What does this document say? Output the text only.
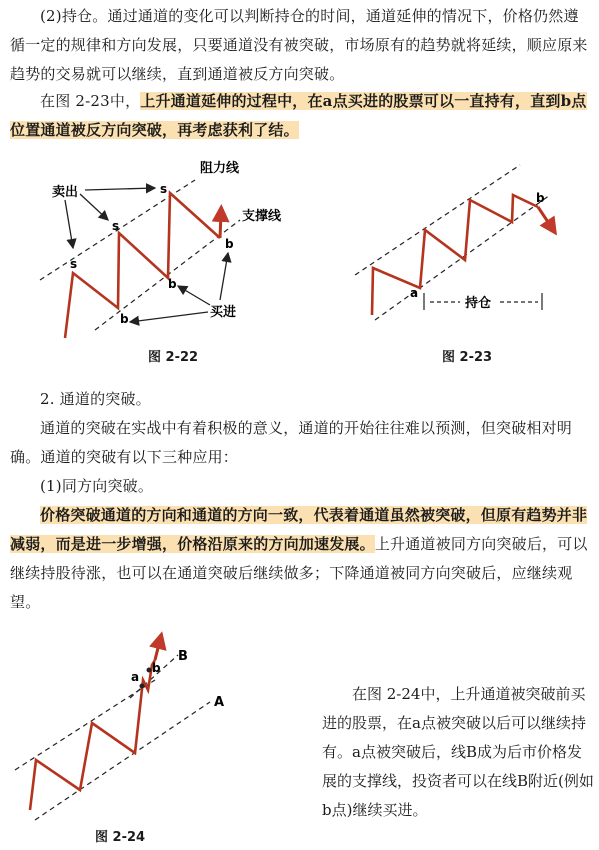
(2)持仓。通过通道的变化可以判断持仓的时间，通道延伸的情况下，价格仍然遵循一定的规律和方向发展，只要通道没有被突破，市场原有的趋势就将延续，顺应原来趋势的交易就可以继续，直到通道被反方向突破。

在图 2-23中，上升通道延伸的过程中，在a点买进的股票可以一直持有，直到b点位置通道被反方向突破，再考虑获利了结。

s
s
s
b
b
b
阻力线
支撑线
卖出
买进
图 2-22
a
b
持仓
图 2-23

2. 通道的突破。

通道的突破在实战中有着积极的意义，通道的开始往往难以预测，但突破相对明确。通道的突破有以下三种应用：

(1)同方向突破。

价格突破通道的方向和通道的方向一致，代表着通道虽然被突破，但原有趋势并非减弱，而是进一步增强，价格沿原来的方向加速发展。上升通道被同方向突破后，可以继续持股待涨，也可以在通道突破后继续做多；下降通道被同方向突破后，应继续观望。

a
b
B
A
图 2-24
在图 2-24中，上升通道被突破前买进的股票，在a点被突破以后可以继续持有。a点被突破后，线B成为后市价格发展的支撑线，投资者可以在线B附近(例如b点)继续买进。
